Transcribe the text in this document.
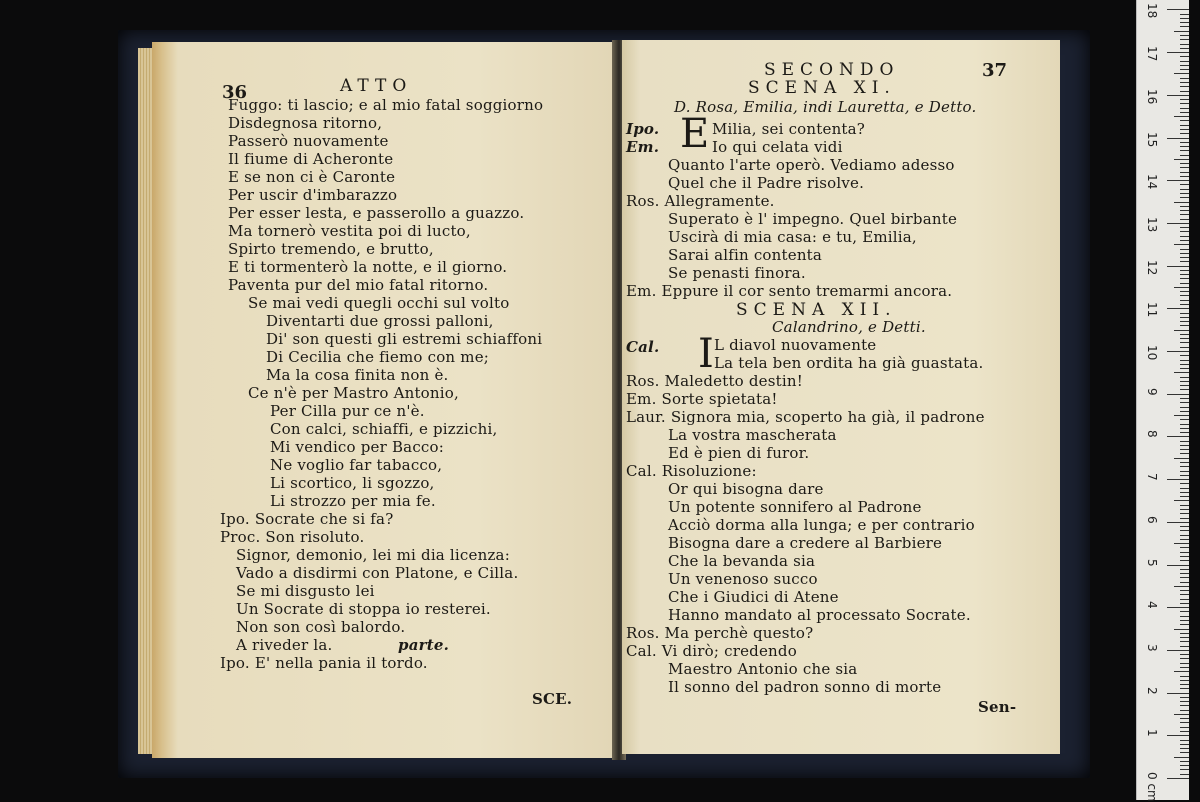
36	ATTO
Fuggo: ti lascio; e al mio fatal soggiorno
Disdegnosa ritorno,
Passerò nuovamente
Il fiume di Acheronte
E se non ci è Caronte
Per uscir d'imbarazzo
Per esser lesta, e passerollo a guazzo.
Ma tornerò vestita poi di lucto,
Spirto tremendo, e brutto,
E ti tormenterò la notte, e il giorno.
Paventa pur del mio fatal ritorno.
Se mai vedi quegli occhi sul volto
Diventarti due grossi palloni,
Di' son questi gli estremi schiaffoni
Di Cecilia che fiemo con me;
Ma la cosa finita non è.
Ce n'è per Mastro Antonio,
Per Cilla pur ce n'è.
Con calci, schiaffi, e pizzichi,
Mi vendico per Bacco:
Ne voglio far tabacco,
Li scortico, li sgozzo,
Li strozzo per mia fe.
Ipo. Socrate che si fa?
Proc. Son risoluto.
Signor, demonio, lei mi dia licenza:
Vado a disdirmi con Platone, e Cilla.
Se mi disgusto lei
Un Socrate di stoppa io resterei.
Non son così balordo.
A riveder la.	parte.
Ipo. E' nella pania il tordo.
SCE.
SECONDO	37
SCENA XI.
D. Rosa, Emilia, indi Lauretta, e Detto.
E
Ipo.	Milia, sei contenta?
Em.	Io qui celata vidi
Quanto l'arte operò. Vediamo adesso
Quel che il Padre risolve.
Ros. Allegramente.
Superato è l' impegno. Quel birbante
Uscirà di mia casa: e tu, Emilia,
Sarai alfin contenta
Se penasti finora.
Em. Eppure il cor sento tremarmi ancora.
SCENA XII.
Calandrino, e Detti.
I
Cal.	L diavol nuovamente
La tela ben ordita ha già guastata.
Ros. Maledetto destin!
Em. Sorte spietata!
Laur. Signora mia, scoperto ha già, il padrone
La vostra mascherata
Ed è pien di furor.
Cal. Risoluzione:
Or qui bisogna dare
Un potente sonnifero al Padrone
Acciò dorma alla lunga; e per contrario
Bisogna dare a credere al Barbiere
Che la bevanda sia
Un venenoso succo
Che i Giudici di Atene
Hanno mandato al processato Socrate.
Ros. Ma perchè questo?
Cal. Vi dirò; credendo
Maestro Antonio che sia
Il sonno del padron sonno di morte
Sen-
0 cm
1
2
3
4
5
6
7
8
9
10
11
12
13
14
15
16
17
18
